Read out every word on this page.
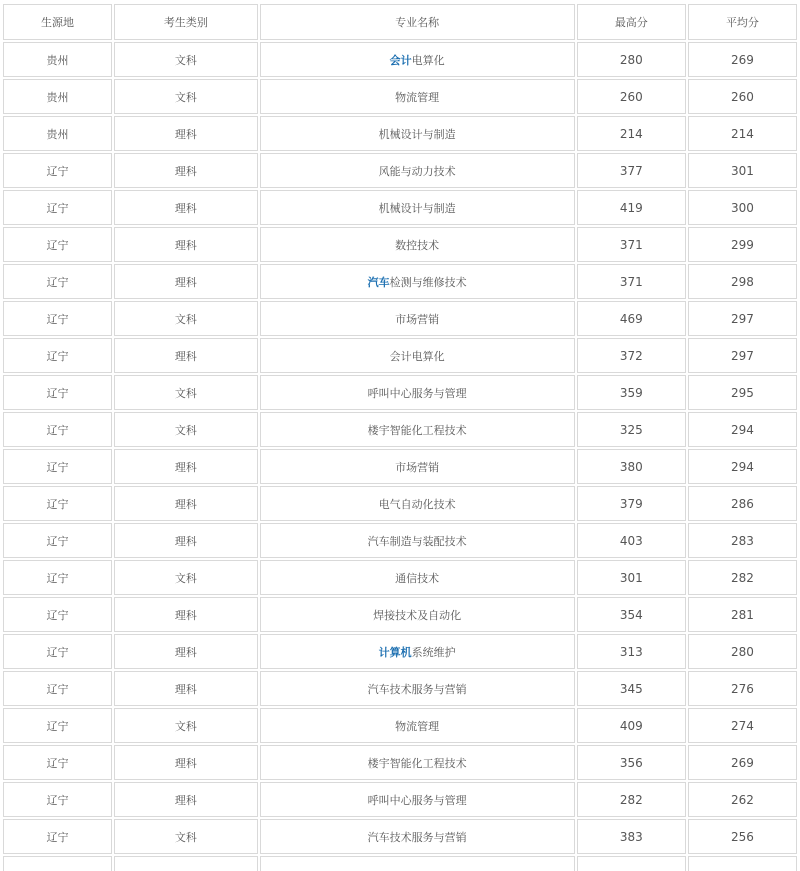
生源地	考生类别	专业名称	最高分	平均分
贵州	文科	会计电算化	280	269
贵州	文科	物流管理	260	260
贵州	理科	机械设计与制造	214	214
辽宁	理科	风能与动力技术	377	301
辽宁	理科	机械设计与制造	419	300
辽宁	理科	数控技术	371	299
辽宁	理科	汽车检测与维修技术	371	298
辽宁	文科	市场营销	469	297
辽宁	理科	会计电算化	372	297
辽宁	文科	呼叫中心服务与管理	359	295
辽宁	文科	楼宇智能化工程技术	325	294
辽宁	理科	市场营销	380	294
辽宁	理科	电气自动化技术	379	286
辽宁	理科	汽车制造与装配技术	403	283
辽宁	文科	通信技术	301	282
辽宁	理科	焊接技术及自动化	354	281
辽宁	理科	计算机系统维护	313	280
辽宁	理科	汽车技术服务与营销	345	276
辽宁	文科	物流管理	409	274
辽宁	理科	楼宇智能化工程技术	356	269
辽宁	理科	呼叫中心服务与管理	282	262
辽宁	文科	汽车技术服务与营销	383	256
